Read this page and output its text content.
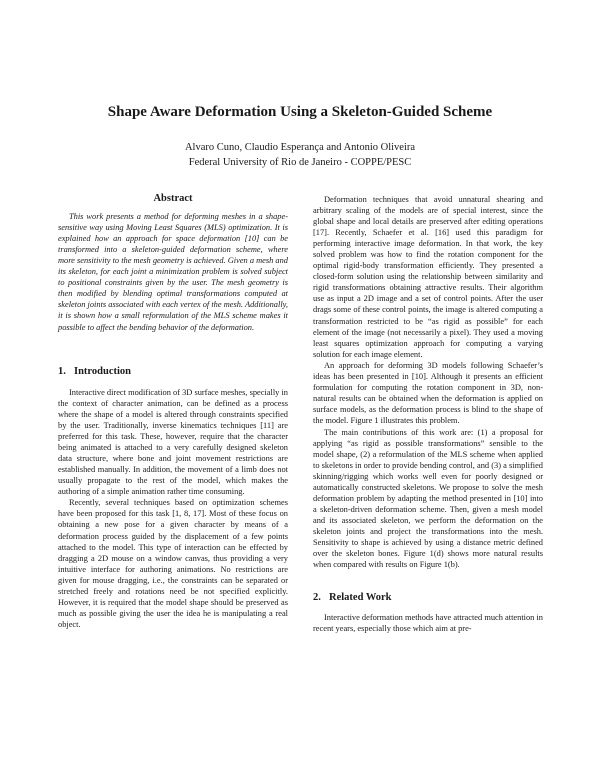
Shape Aware Deformation Using a Skeleton-Guided Scheme
Alvaro Cuno, Claudio Esperança and Antonio Oliveira
Federal University of Rio de Janeiro - COPPE/PESC
Abstract

This work presents a method for deforming meshes in a shape-sensitive way using Moving Least Squares (MLS) optimization. It is explained how an approach for space deformation [10] can be transformed into a skeleton-guided deformation scheme, where more sensitivity to the mesh geometry is achieved. Given a mesh and its skeleton, for each joint a minimization problem is solved subject to positional constraints given by the user. The mesh geometry is then modified by blending optimal transformations computed at skeleton joints associated with each vertex of the mesh. Additionally, it is shown how a small reformulation of the MLS scheme makes it possible to affect the bending behavior of the deformation.

1. Introduction

Interactive direct modification of 3D surface meshes, specially in the context of character animation, can be defined as a process where the shape of a model is altered through constraints specified by the user. Traditionally, inverse kinematics techniques [11] are preferred for this task. These, however, require that the character being animated is attached to a very carefully designed skeleton data structure, where bone and joint movement restrictions are established manually. In addition, the movement of a limb does not usually propagate to the rest of the model, which makes the authoring of a simple animation rather time consuming.

Recently, several techniques based on optimization schemes have been proposed for this task [1, 8, 17]. Most of these focus on obtaining a new pose for a given character by means of a deformation process guided by the displacement of a few points attached to the model. This type of interaction can be effected by dragging a 2D mouse on a window canvas, thus providing a very intuitive interface for authoring animations. No restrictions are given for mouse dragging, i.e., the constraints can be separated or stretched freely and rotations need be not specified explicitly. However, it is required that the model shape should be preserved as much as possible giving the user the idea he is manipulating a real object.

Deformation techniques that avoid unnatural shearing and arbitrary scaling of the models are of special interest, since the global shape and local details are preserved after editing operations [17]. Recently, Schaefer et al. [16] used this paradigm for performing interactive image deformation. In that work, the key solved problem was how to find the rotation component for the optimal rigid-body transformation efficiently. They presented a closed-form solution using the relationship between similarity and rigid transformations obtaining attractive results. Their algorithm use as input a 2D image and a set of control points. After the user drags some of these control points, the image is altered computing a transformation restricted to be “as rigid as possible” for each element of the image (not necessarily a pixel). They used a moving least squares optimization approach for computing a varying solution for each image element.

An approach for deforming 3D models following Schaefer’s ideas has been presented in [10]. Although it presents an efficient formulation for computing the rotation component in 3D, non-natural results can be obtained when the deformation is applied on surface models, as the deformation process is blind to the shape of the model. Figure 1 illustrates this problem.

The main contributions of this work are: (1) a proposal for applying “as rigid as possible transformations” sensible to the model shape, (2) a reformulation of the MLS scheme when applied to skeletons in order to provide bending control, and (3) a simplified skinning/rigging which works well even for poorly designed or automatically constructed skeletons. We propose to solve the mesh deformation problem by adapting the method presented in [10] into a skeleton-driven deformation scheme. Then, given a mesh model and its associated skeleton, we perform the deformation on the skeleton joints and project the transformations into the mesh. Sensitivity to shape is achieved by using a distance metric defined over the skeleton bones. Figure 1(d) shows more natural results when compared with results on Figure 1(b).

2. Related Work

Interactive deformation methods have attracted much attention in recent years, especially those which aim at pre-
